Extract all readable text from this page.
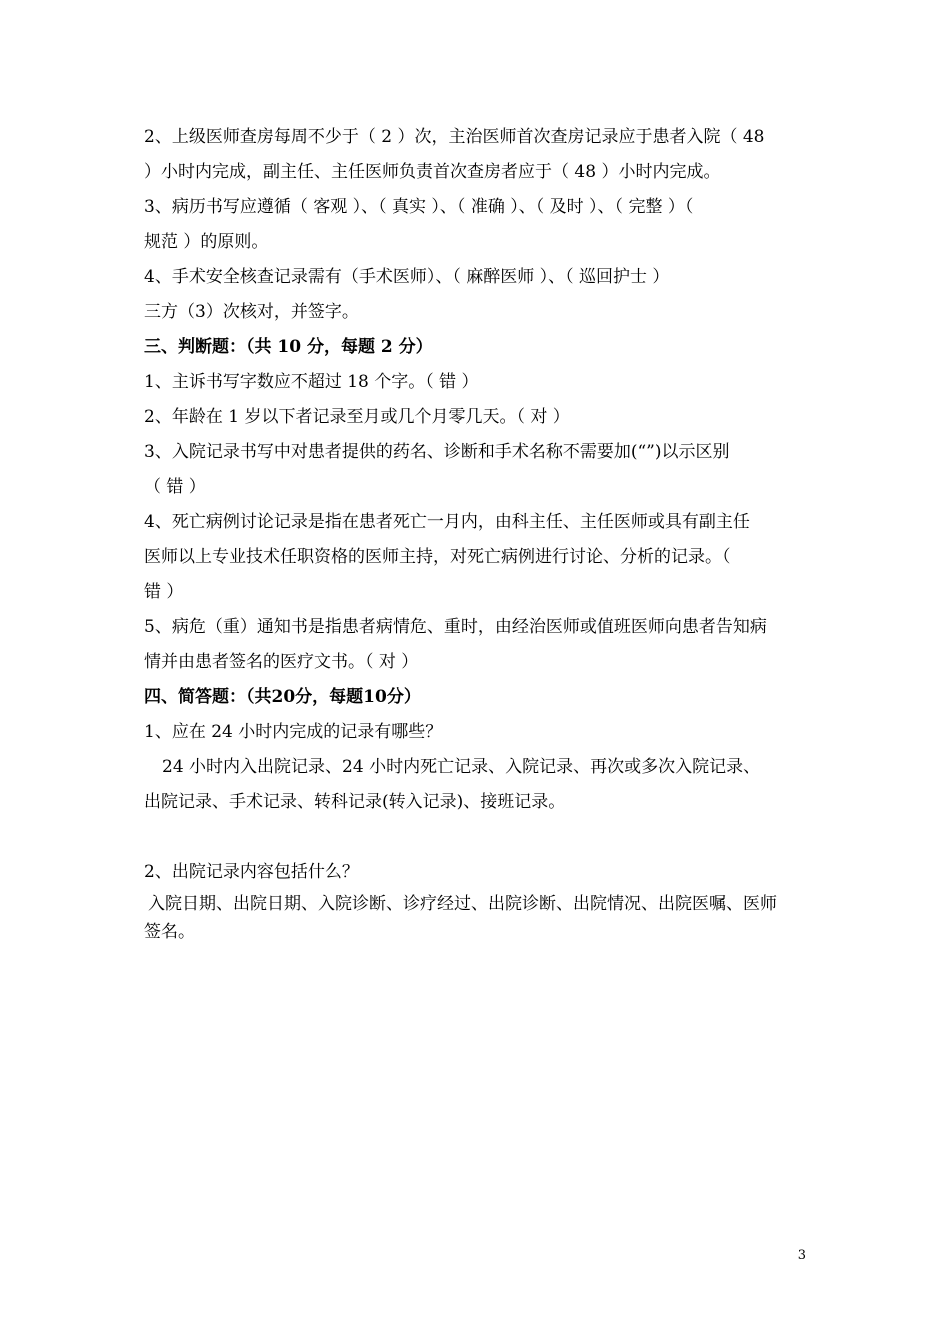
2、上级医师查房每周不少于（ 2 ）次，主治医师首次查房记录应于患者入院（ 48
）小时内完成，副主任、主任医师负责首次查房者应于（ 48 ）小时内完成。
3、病历书写应遵循（ 客观 ）、（ 真实 ）、（ 准确 ）、（ 及时 ）、（ 完整 ）（
规范 ）的原则。
4、手术安全核查记录需有（手术医师）、（ 麻醉医师 ）、（ 巡回护士 ）
三方（3）次核对，并签字。
三、判断题：（共 10 分，每题 2 分）
1、主诉书写字数应不超过 18 个字。（ 错 ）
2、年龄在 1 岁以下者记录至月或几个月零几天。（ 对 ）
3、入院记录书写中对患者提供的药名、诊断和手术名称不需要加(“”)以示区别
（ 错 ）
4、死亡病例讨论记录是指在患者死亡一月内，由科主任、主任医师或具有副主任
医师以上专业技术任职资格的医师主持，对死亡病例进行讨论、分析的记录。（
错 ）
5、病危（重）通知书是指患者病情危、重时，由经治医师或值班医师向患者告知病
情并由患者签名的医疗文书。（ 对 ）
四、简答题：（共20分，每题10分）
1、应在 24 小时内完成的记录有哪些？
24 小时内入出院记录、24 小时内死亡记录、入院记录、再次或多次入院记录、
出院记录、手术记录、转科记录(转入记录)、接班记录。
2、出院记录内容包括什么？
入院日期、出院日期、入院诊断、诊疗经过、出院诊断、出院情况、出院医嘱、医师
签名。
3
